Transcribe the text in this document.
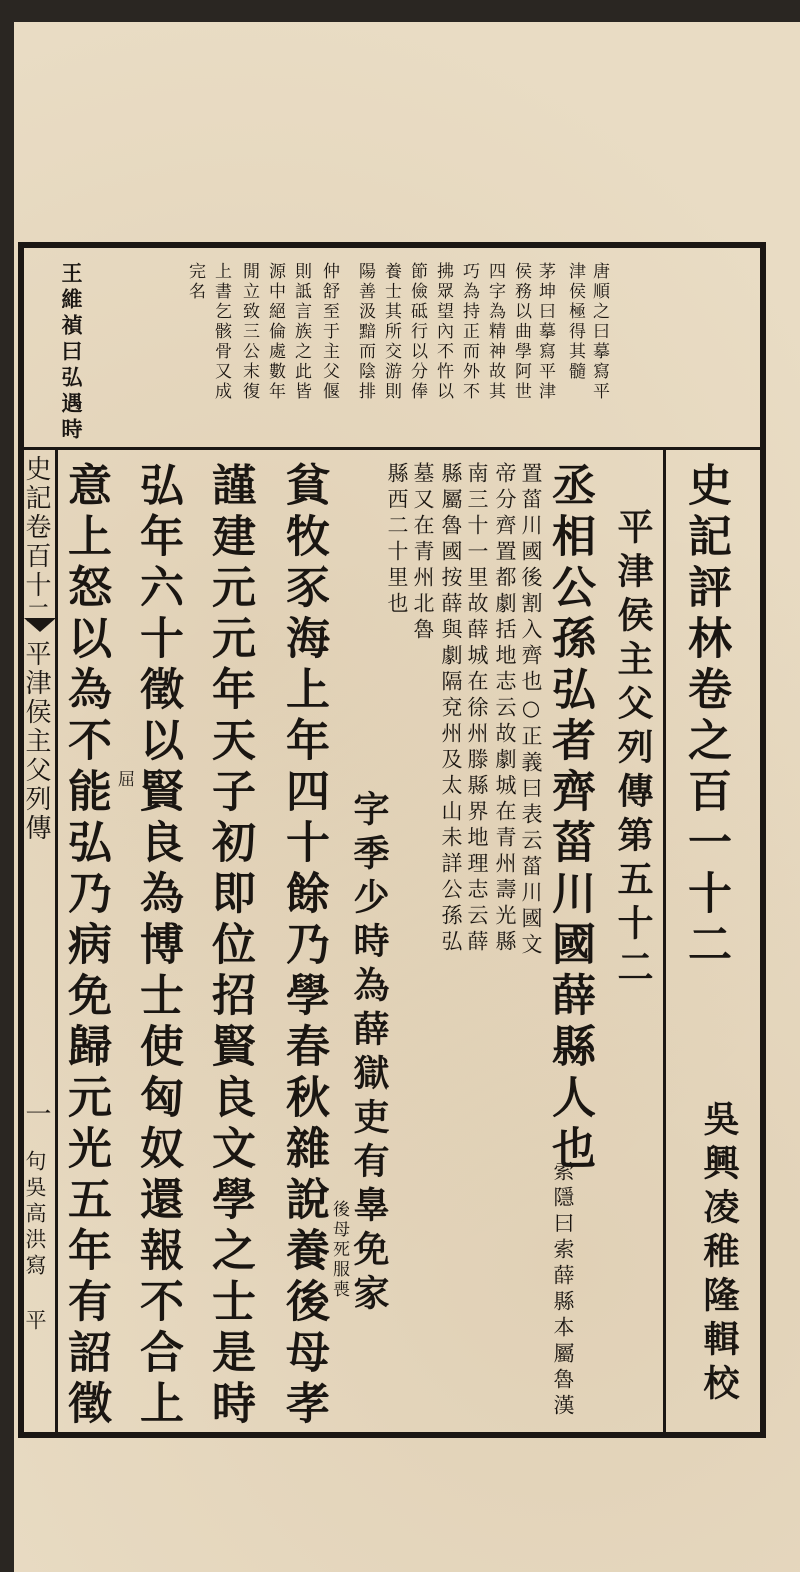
唐順之曰摹寫平

津侯極得其髓

茅坤曰摹寫平津

侯務以曲學阿世

四字為精神故其

巧為持正而外不

拂眾望內不忤以

節儉砥行以分俸

養士其所交游則

陽善汲黯而陰排

仲舒至于主父偃

則詆言族之此皆

源中絕倫處數年

閒立致三公末復

上書乞骸骨又成

完名

王維禎曰弘遇時

史記評林卷之百一十二

吳興凌稚隆輯校

平津侯主父列傳第五十二

丞相公孫弘者齊菑川國薛縣人也

索隱曰索薛縣本屬魯漢

置菑川國後割入齊也○正義曰表云菑川國文

帝分齊置都劇括地志云故劇城在青州壽光縣

南三十一里故薛城在徐州滕縣界地理志云薛

縣屬魯國按薛與劇隔兗州及太山未詳公孫弘

墓又在青州北魯

縣西二十里也

字季少時為薛獄吏有辠免家

貧牧豕海上年四十餘乃學春秋雜說養後母孝 後母死服喪

謹建元元年天子初即位招賢良文學之士是時

弘年六十徵以賢良為博士使匈奴還報不合上

屈

意上怒以為不能弘乃病免歸元光五年有詔徵

史記卷百十二

平津侯主父列傳

一

句吳高洪寫 平
